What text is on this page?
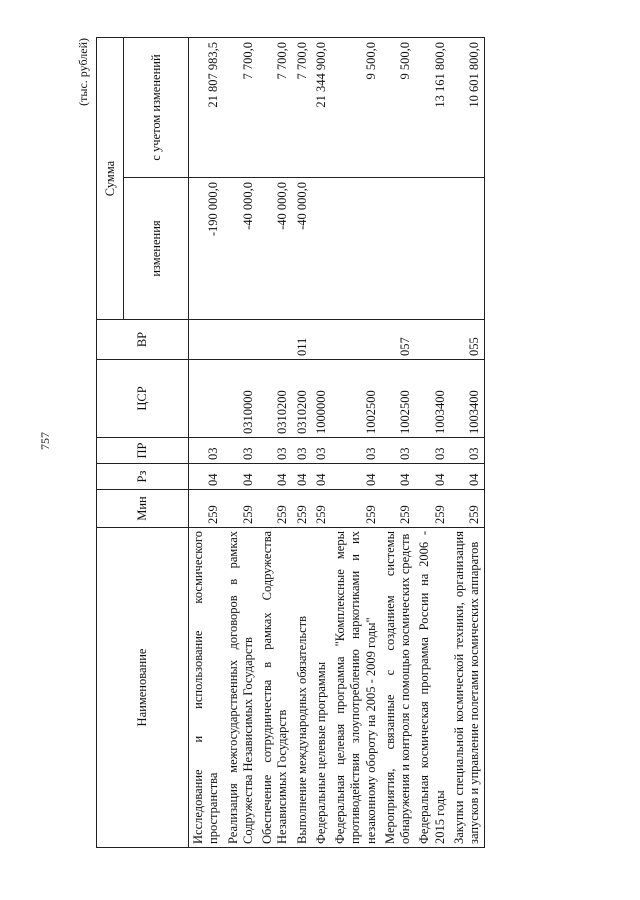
757
(тыс. рублей)
Наименование	Мин	Рз	ПР	ЦСР	ВР	Сумма	
						изменения	с учетом изменений
Исследование и использование космического пространства	259	04	03			-190 000,0	21 807 983,5
Реализация межгосударственных договоров в рамках Содружества Независимых Государств	259	04	03	0310000		-40 000,0	7 700,0
Обеспечение сотрудничества в рамках Содружества Независимых Государств	259	04	03	0310200		-40 000,0	7 700,0
Выполнение международных обязательств	259	04	03	0310200	011	-40 000,0	7 700,0
Федеральные целевые программы	259	04	03	1000000			21 344 900,0
Федеральная целевая программа "Комплексные меры противодействия злоупотреблению наркотиками и их незаконному обороту на 2005 - 2009 годы"	259	04	03	1002500			9 500,0
Мероприятия, связанные с созданием системы обнаружения и контроля с помощью космических средств	259	04	03	1002500	057		9 500,0
Федеральная космическая программа России на 2006 - 2015 годы	259	04	03	1003400			13 161 800,0
Закупки специальной космической техники, организация запусков и управление полетами космических аппаратов	259	04	03	1003400	055		10 601 800,0
